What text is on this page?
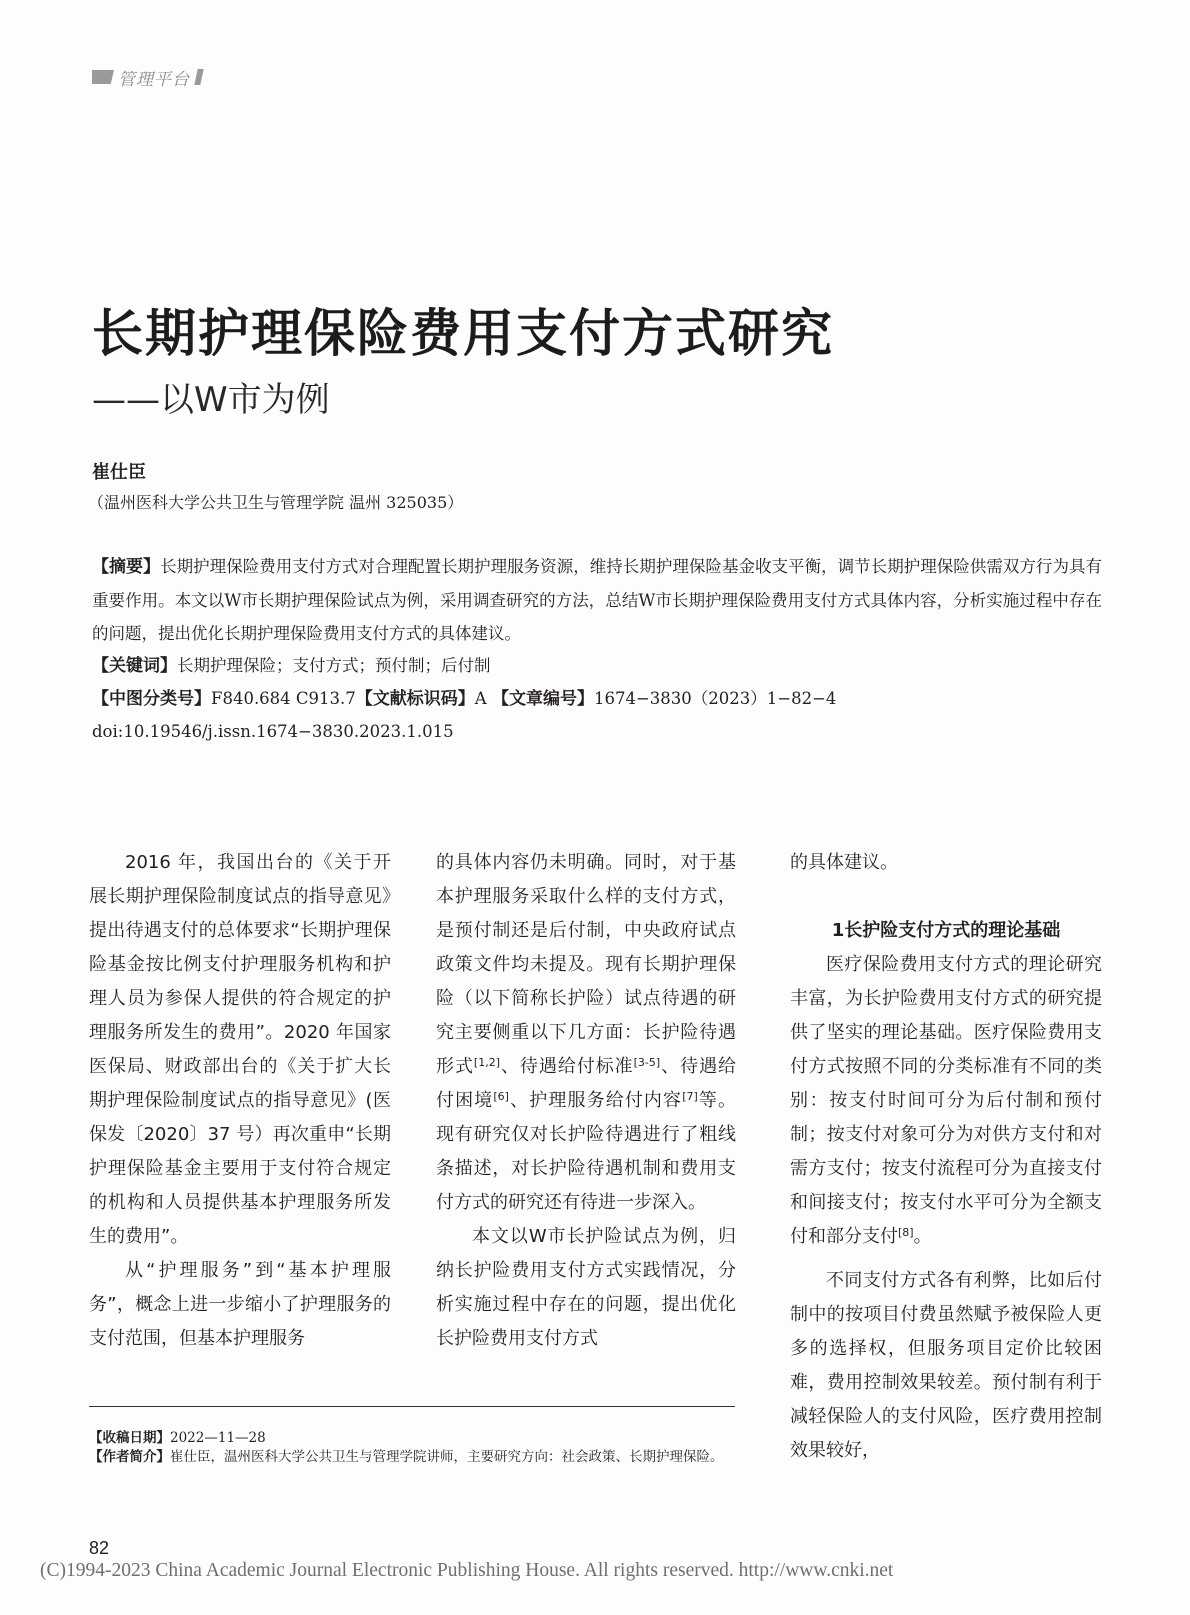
管理平台
长期护理保险费用支付方式研究
——以W市为例
崔仕臣
（温州医科大学公共卫生与管理学院 温州 325035）
【摘要】长期护理保险费用支付方式对合理配置长期护理服务资源，维持长期护理保险基金收支平衡，调节长期护理保险供需双方行为具有重要作用。本文以W市长期护理保险试点为例，采用调查研究的方法，总结W市长期护理保险费用支付方式具体内容，分析实施过程中存在的问题，提出优化长期护理保险费用支付方式的具体建议。
【关键词】长期护理保险；支付方式；预付制；后付制
【中图分类号】F840.684 C913.7【文献标识码】A 【文章编号】1674−3830（2023）1−82−4
doi:10.19546/j.issn.1674−3830.2023.1.015

2016 年，我国出台的《关于开展长期护理保险制度试点的指导意见》提出待遇支付的总体要求“长期护理保险基金按比例支付护理服务机构和护理人员为参保人提供的符合规定的护理服务所发生的费用”。2020 年国家医保局、财政部出台的《关于扩大长期护理保险制度试点的指导意见》(医保发〔2020〕37 号）再次重申“长期护理保险基金主要用于支付符合规定的机构和人员提供基本护理服务所发生的费用”。

从“护理服务”到“基本护理服务”，概念上进一步缩小了护理服务的支付范围，但基本护理服务

的具体内容仍未明确。同时，对于基本护理服务采取什么样的支付方式，是预付制还是后付制，中央政府试点政策文件均未提及。现有长期护理保险（以下简称长护险）试点待遇的研究主要侧重以下几方面：长护险待遇形式[1,2]、待遇给付标准[3-5]、待遇给付困境[6]、护理服务给付内容[7]等。现有研究仅对长护险待遇进行了粗线条描述，对长护险待遇机制和费用支付方式的研究还有待进一步深入。

本文以W市长护险试点为例，归纳长护险费用支付方式实践情况，分析实施过程中存在的问题，提出优化长护险费用支付方式

的具体建议。

1长护险支付方式的理论基础

医疗保险费用支付方式的理论研究丰富，为长护险费用支付方式的研究提供了坚实的理论基础。医疗保险费用支付方式按照不同的分类标准有不同的类别：按支付时间可分为后付制和预付制；按支付对象可分为对供方支付和对需方支付；按支付流程可分为直接支付和间接支付；按支付水平可分为全额支付和部分支付[8]。

不同支付方式各有利弊，比如后付制中的按项目付费虽然赋予被保险人更多的选择权，但服务项目定价比较困难，费用控制效果较差。预付制有利于减轻保险人的支付风险，医疗费用控制效果较好，

【收稿日期】2022—11—28
【作者简介】崔仕臣，温州医科大学公共卫生与管理学院讲师，主要研究方向：社会政策、长期护理保险。
82
(C)1994-2023 China Academic Journal Electronic Publishing House. All rights reserved. http://www.cnki.net
